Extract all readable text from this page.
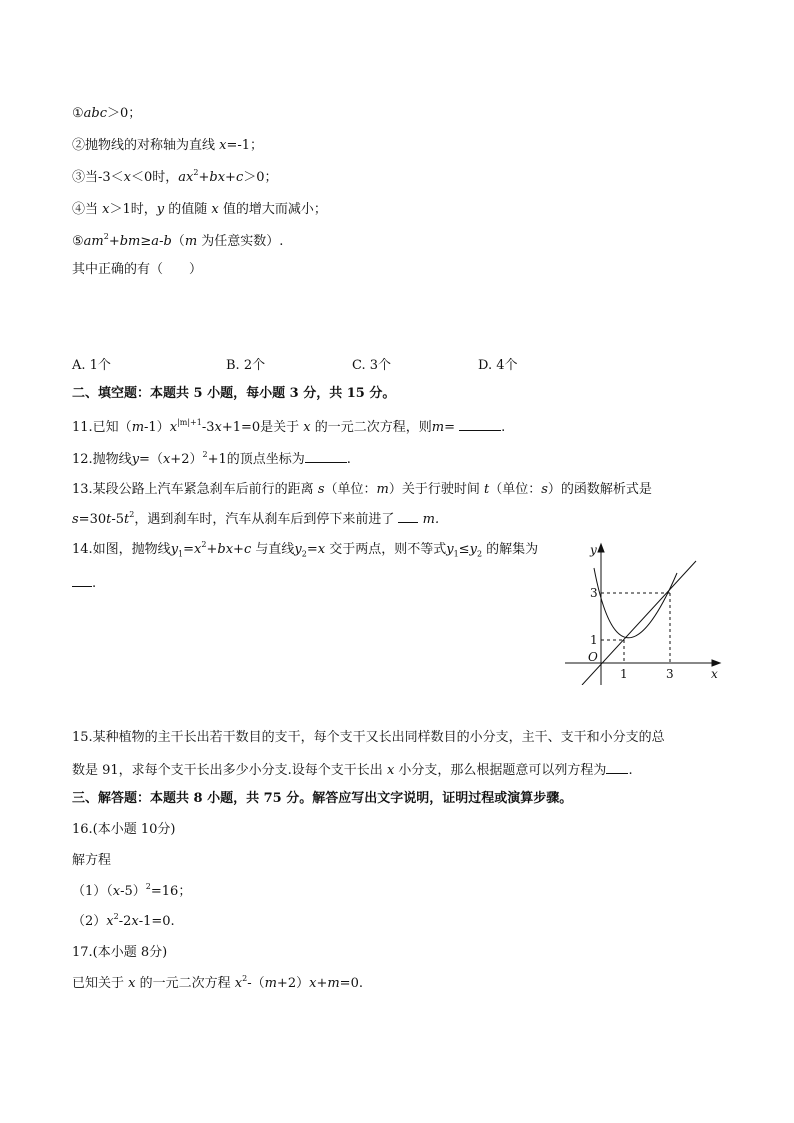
①abc＞0；
②抛物线的对称轴为直线 x=-1；
③当-3＜x＜0时，$ax^2+bx+c>0$；
④当 x＞1时，y 的值随 x 值的增大而减小；
$⑤am^2+bm\ge a-b(m$ 为任意实数）.
其中正确的有（　　）
A. 1个	B. 2个	C. 3个	D. 4个
二、填空题：本题共 5 小题，每小题 3 分，共 15 分。
11.已知$(m-1)x^{|m|+1}-3x+1=0$是关于 x 的一元二次方程，则m=	.
12.抛物线$y=(x+2)^2+1$的顶点坐标为	.
13.某段公路上汽车紧急刹车后前行的距离 s（单位：m）关于行驶时间 t（单位：s）的函数解析式是
$s=30t-5t^2$，遇到刹车时，汽车从刹车后到停下来前进了  m.
14.如图，抛物线$y_1=x^2+bx+c$ 与直线$y_2=x$ 交于两点，则不等式$y_1\le y_2$ 的解集为
.
y
x
O
3
1
1	3
15.某种植物的主干长出若干数目的支干，每个支干又长出同样数目的小分支，主干、支干和小分支的总
数是 91，求每个支干长出多少小分支.设每个支干长出 x 小分支，那么根据题意可以列方程为 .
三、解答题：本题共 8 小题，共 75 分。解答应写出文字说明，证明过程或演算步骤。
16.(本小题 10分)
解方程
$(1)(x-5)^2=16$；
$(2)x^2-2x-1=0$.
17.(本小题 8分)
已知关于 x 的一元二次方程 $x^2-(m+2)x+m=0$.
